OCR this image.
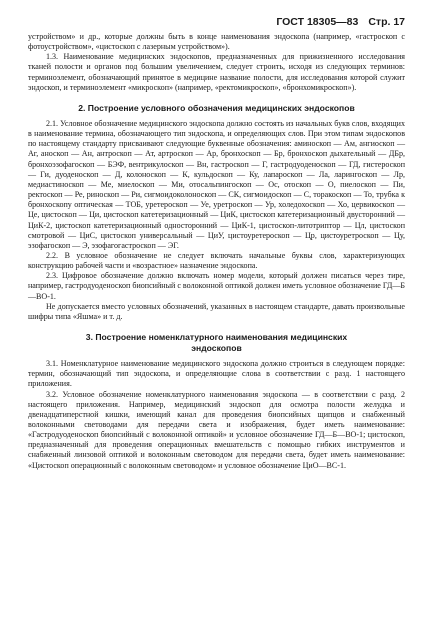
ГОСТ 18305—83 Стр. 17

устройством» и др., которые должны быть в конце наименования эндоскопа (например, «гастроскоп с фотоустройством», «цистоскоп с лазерным устройством»).

1.3. Наименование медицинских эндоскопов, предназначенных для прижизненного исследования тканей полости и органов под большим увеличением, следует строить, исходя из следующих терминов: терминоэлемент, обозначающий принятое в медицине название полости, для исследования которой служит эндоскоп, и терминоэлемент «микроскоп» (например, «ректомикроскоп», «бронхомикроскоп»).

2. Построение условного обозначения медицинских эндоскопов

2.1. Условное обозначение медицинского эндоскопа должно состоять из начальных букв слов, входящих в наименование термина, обозначающего тип эндоскопа, и определяющих слов. При этом типам эндоскопов по настоящему стандарту присваивают следующие буквенные обозначения: аминоскоп — Ам, ангиоскоп — Аг, аноскоп — Ан, антроскоп — Ат, артроскоп — Ар, бронхоскоп — Бр, бронхоскоп дыхательный — ДБр, бронхоэзофагоскоп — БЭФ, вентрикулоскоп — Вн, гастроскоп — Г, гастродуоденоскоп — ГД, гистероскоп — Ги, дуоденоскоп — Д, колоноскоп — К, кульдоскоп — Ку, лапароскоп — Ла, ларингоскоп — Лр, медиастиноскоп — Ме, миелоскоп — Ми, отосальпингоскоп — Ос, отоскоп — О, пиелоскоп — Пи, ректоскоп — Ре, риноскоп — Ри, сигмоидоколоноскоп — СК, сигмоидоскоп — С, торакоскоп — То, трубка к бронхоскопу оптическая — ТОБ, уретероскоп — Уе, уретроскоп — Ур, холедохоскоп — Хо, цервикоскоп — Це, цистоскоп — Ци, цистоскоп катетеризационный — ЦиК, цистоскоп катетеризационный двусторонний — ЦиК-2, цистоскоп катетеризационный односторонний — ЦиК-1, цистоскоп-литотриптор — Цл, цистоскоп смотровой — ЦиС, цистоскоп универсальный — ЦиУ, цистоуретероскоп — Цр, цистоуретроскоп — Цу, эзофагоскоп — Э, эзофагогастроскоп — ЭГ.

2.2. В условное обозначение не следует включать начальные буквы слов, характеризующих конструкцию рабочей части и «возрастное» назначение эндоскопа.

2.3. Цифровое обозначение должно включать номер модели, который должен писаться через тире, например, гастродуоденоскоп биопсийный с волоконной оптикой должен иметь условное обозначение ГД—Б—ВО-1.

Не допускается вместо условных обозначений, указанных в настоящем стандарте, давать произвольные шифры типа «Яшма» и т. д.

3. Построение номенклатурного наименования медицинских

эндоскопов

3.1. Номенклатурное наименование медицинского эндоскопа должно строиться в следующем порядке: термин, обозначающий тип эндоскопа, и определяющие слова в соответствии с разд. 1 настоящего приложения.

3.2. Условное обозначение номенклатурного наименования эндоскопа — в соответствии с разд. 2 настоящего приложения. Например, медицинский эндоскоп для осмотра полости желудка и двенадцатиперстной кишки, имеющий канал для проведения биопсийных щипцов и снабженный волоконными световодами для передачи света и изображения, будет иметь наименование: «Гастродуоденоскоп биопсийный с волоконной оптикой» и условное обозначение ГД—Б—ВО-1; цистоскоп, предназначенный для проведения операционных вмешательств с помощью гибких инструментов и снабженный линзовой оптикой и волоконным световодом для передачи света, будет иметь наименование: «Цистоскоп операционный с волоконным световодом» и условное обозначение ЦиО—ВС-1.
